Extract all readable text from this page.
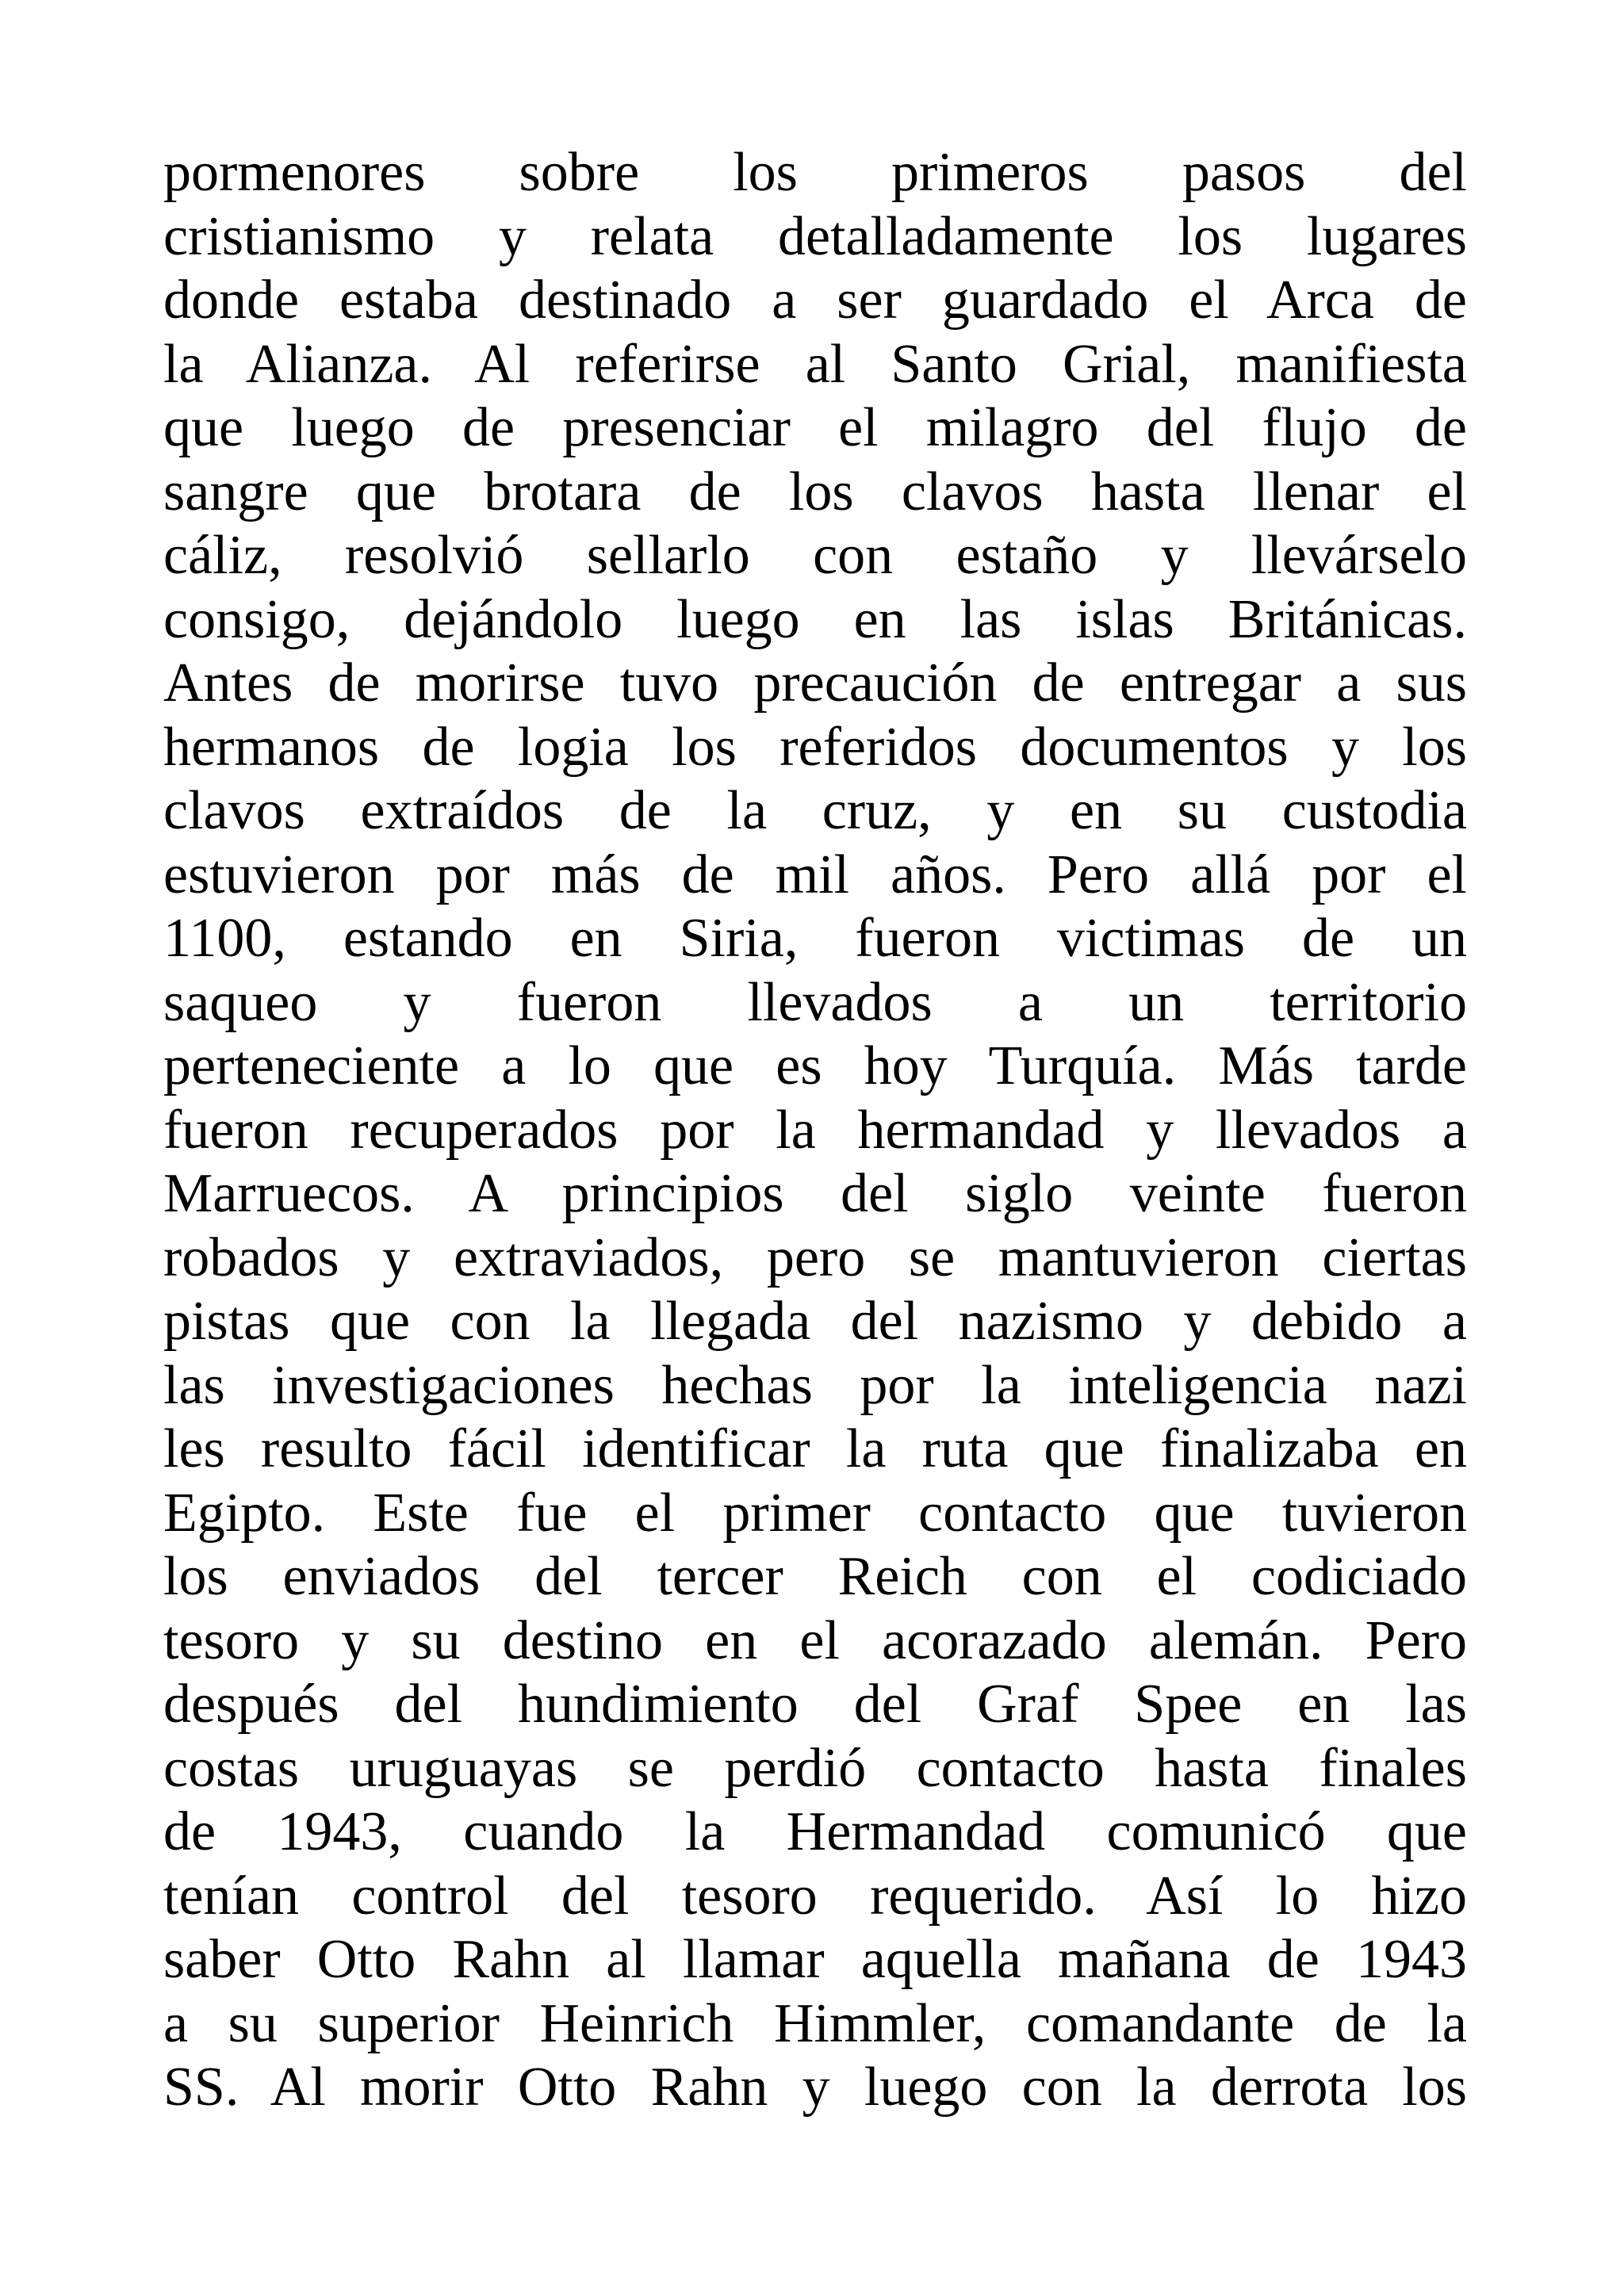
pormenores sobre los primeros pasos del
cristianismo y relata detalladamente los lugares
donde estaba destinado a ser guardado el Arca de
la Alianza. Al referirse al Santo Grial, manifiesta
que luego de presenciar el milagro del flujo de
sangre que brotara de los clavos hasta llenar el
cáliz, resolvió sellarlo con estaño y llevárselo
consigo, dejándolo luego en las islas Británicas.
Antes de morirse tuvo precaución de entregar a sus
hermanos de logia los referidos documentos y los
clavos extraídos de la cruz, y en su custodia
estuvieron por más de mil años. Pero allá por el
1100, estando en Siria, fueron victimas de un
saqueo y fueron llevados a un territorio
perteneciente a lo que es hoy Turquía. Más tarde
fueron recuperados por la hermandad y llevados a
Marruecos. A principios del siglo veinte fueron
robados y extraviados, pero se mantuvieron ciertas
pistas que con la llegada del nazismo y debido a
las investigaciones hechas por la inteligencia nazi
les resulto fácil identificar la ruta que finalizaba en
Egipto. Este fue el primer contacto que tuvieron
los enviados del tercer Reich con el codiciado
tesoro y su destino en el acorazado alemán. Pero
después del hundimiento del Graf Spee en las
costas uruguayas se perdió contacto hasta finales
de 1943, cuando la Hermandad comunicó que
tenían control del tesoro requerido. Así lo hizo
saber Otto Rahn al llamar aquella mañana de 1943
a su superior Heinrich Himmler, comandante de la
SS. Al morir Otto Rahn y luego con la derrota los
